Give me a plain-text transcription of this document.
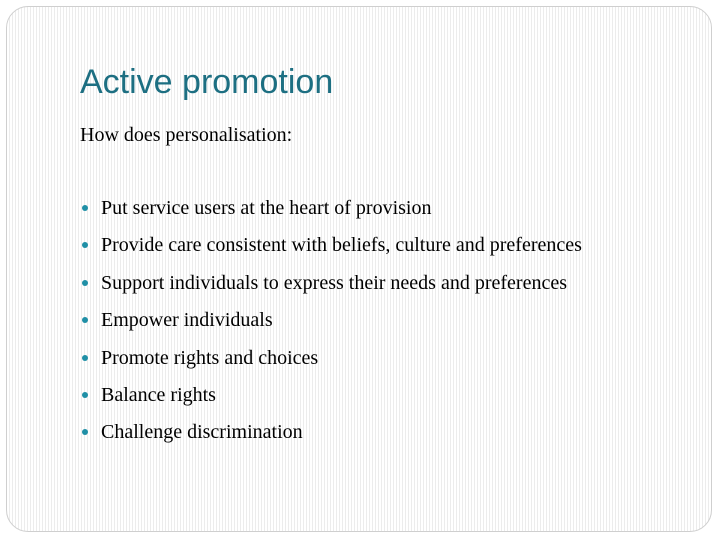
Active promotion

How does personalisation:

Put service users at the heart of provision
Provide care consistent with beliefs, culture and preferences
Support individuals to express their needs and preferences
Empower individuals
Promote rights and choices
Balance rights
Challenge discrimination
